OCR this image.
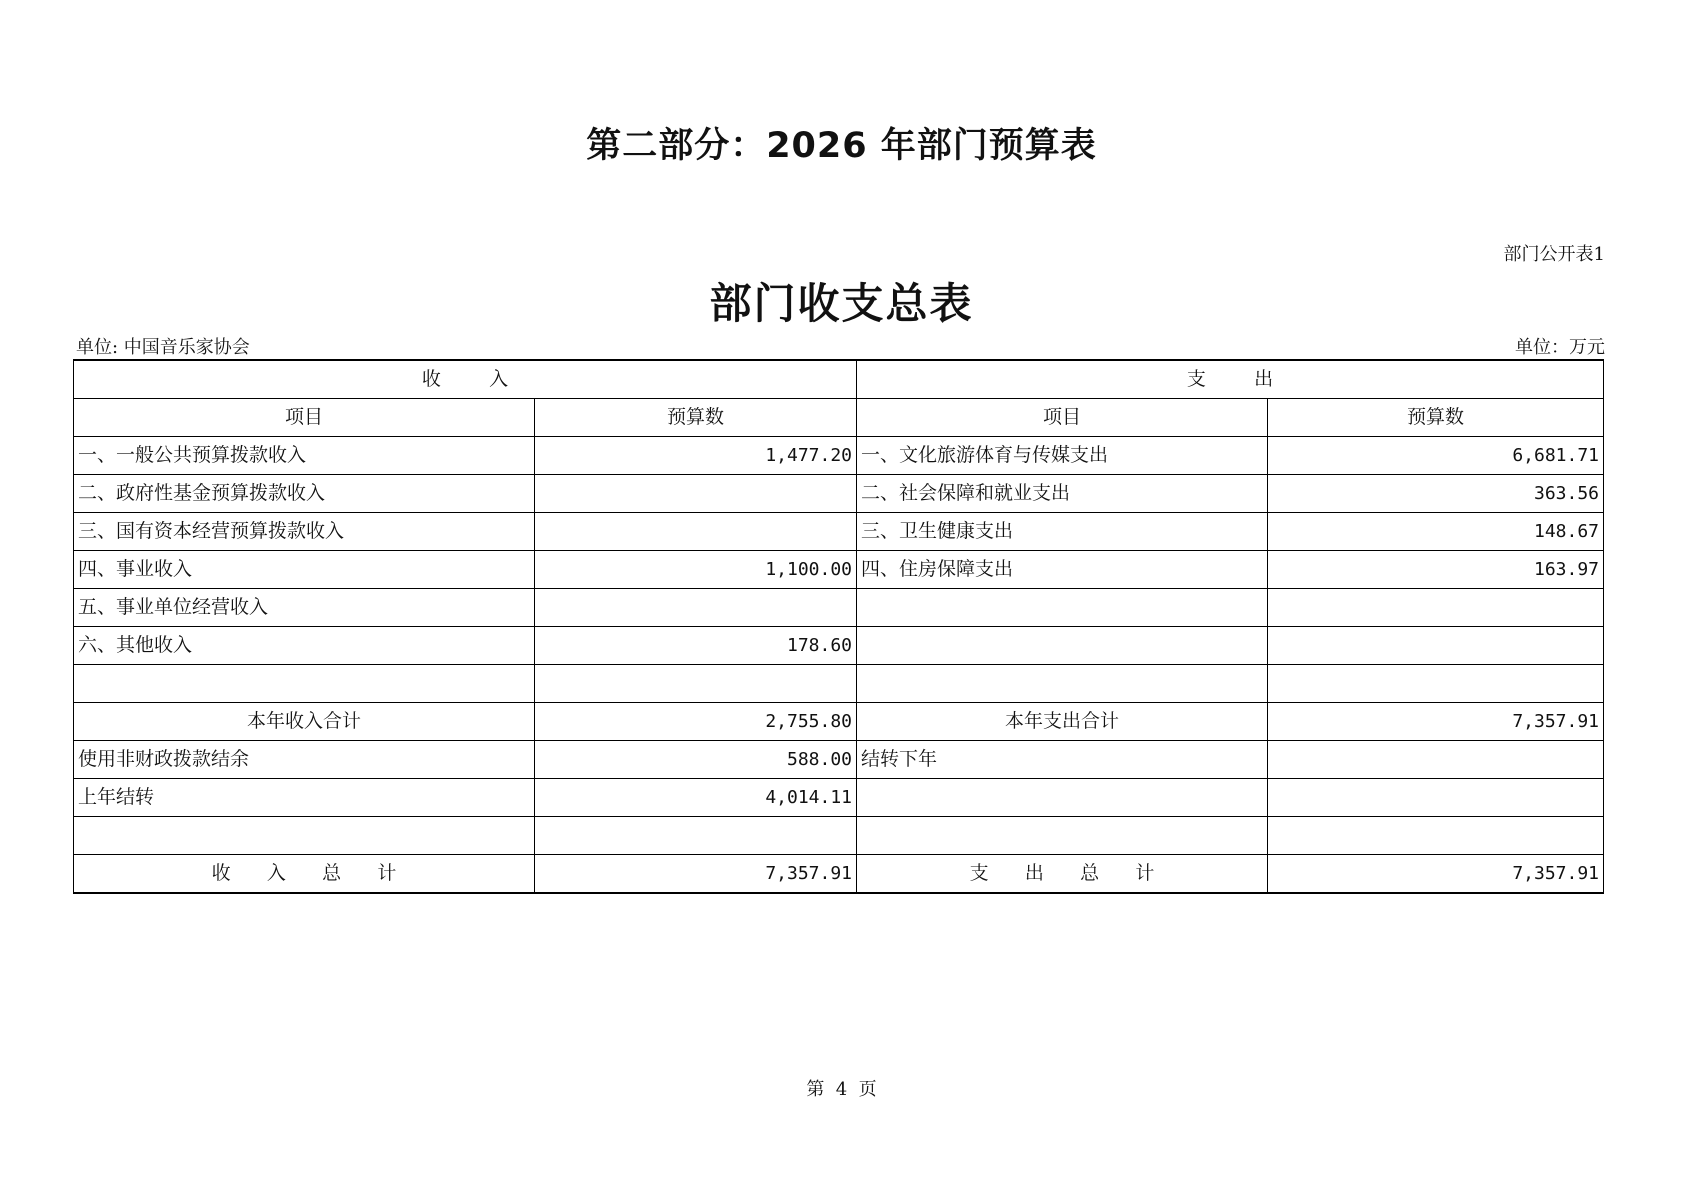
第二部分：2026 年部门预算表
部门公开表1
部门收支总表
单位: 中国音乐家协会	单位：万元
收        入		支        出	
项目	预算数	项目	预算数
一、一般公共预算拨款收入	1,477.20	一、文化旅游体育与传媒支出	6,681.71
二、政府性基金预算拨款收入		二、社会保障和就业支出	363.56
三、国有资本经营预算拨款收入		三、卫生健康支出	148.67
四、事业收入	1,100.00	四、住房保障支出	163.97
五、事业单位经营收入			
六、其他收入	178.60		

本年收入合计	2,755.80	本年支出合计	7,357.91
使用非财政拨款结余	588.00	结转下年	
上年结转	4,014.11		

收      入      总      计	7,357.91	支      出      总      计	7,357.91
第  4  页
